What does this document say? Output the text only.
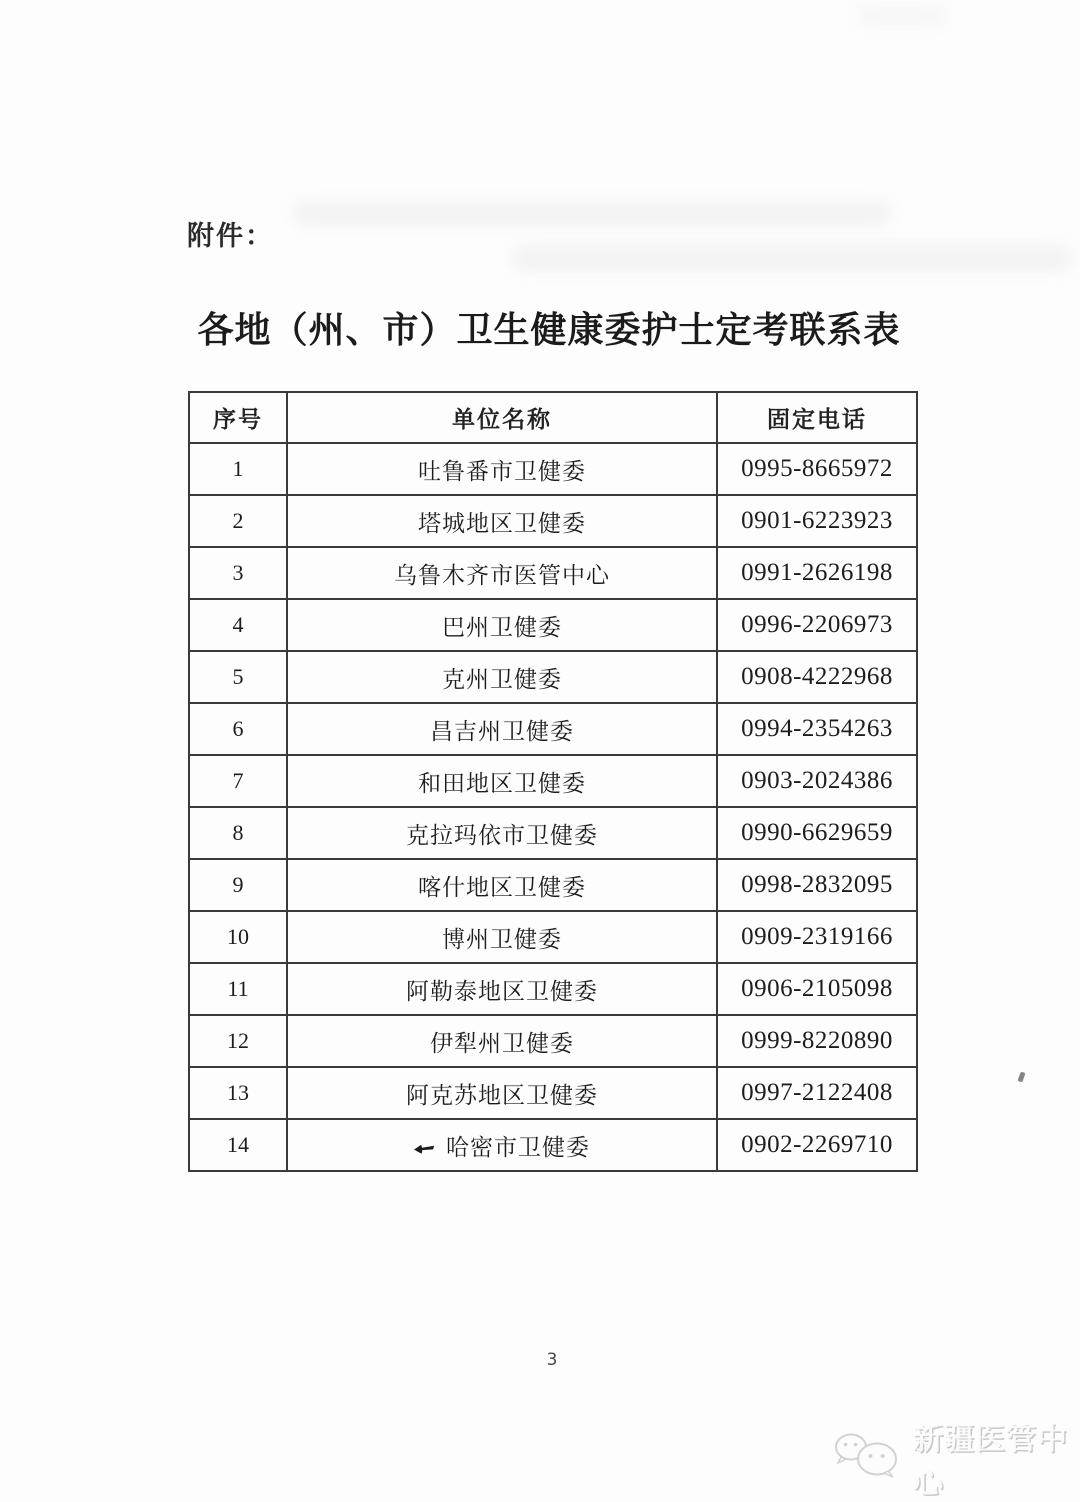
附件：
各地（州、市）卫生健康委护士定考联系表
序号	单位名称	固定电话
1	吐鲁番市卫健委	0995-8665972
2	塔城地区卫健委	0901-6223923
3	乌鲁木齐市医管中心	0991-2626198
4	巴州卫健委	0996-2206973
5	克州卫健委	0908-4222968
6	昌吉州卫健委	0994-2354263
7	和田地区卫健委	0903-2024386
8	克拉玛依市卫健委	0990-6629659
9	喀什地区卫健委	0998-2832095
10	博州卫健委	0909-2319166
11	阿勒泰地区卫健委	0906-2105098
12	伊犁州卫健委	0999-8220890
13	阿克苏地区卫健委	0997-2122408
14	哈密市卫健委	0902-2269710
3
新疆医管中心
